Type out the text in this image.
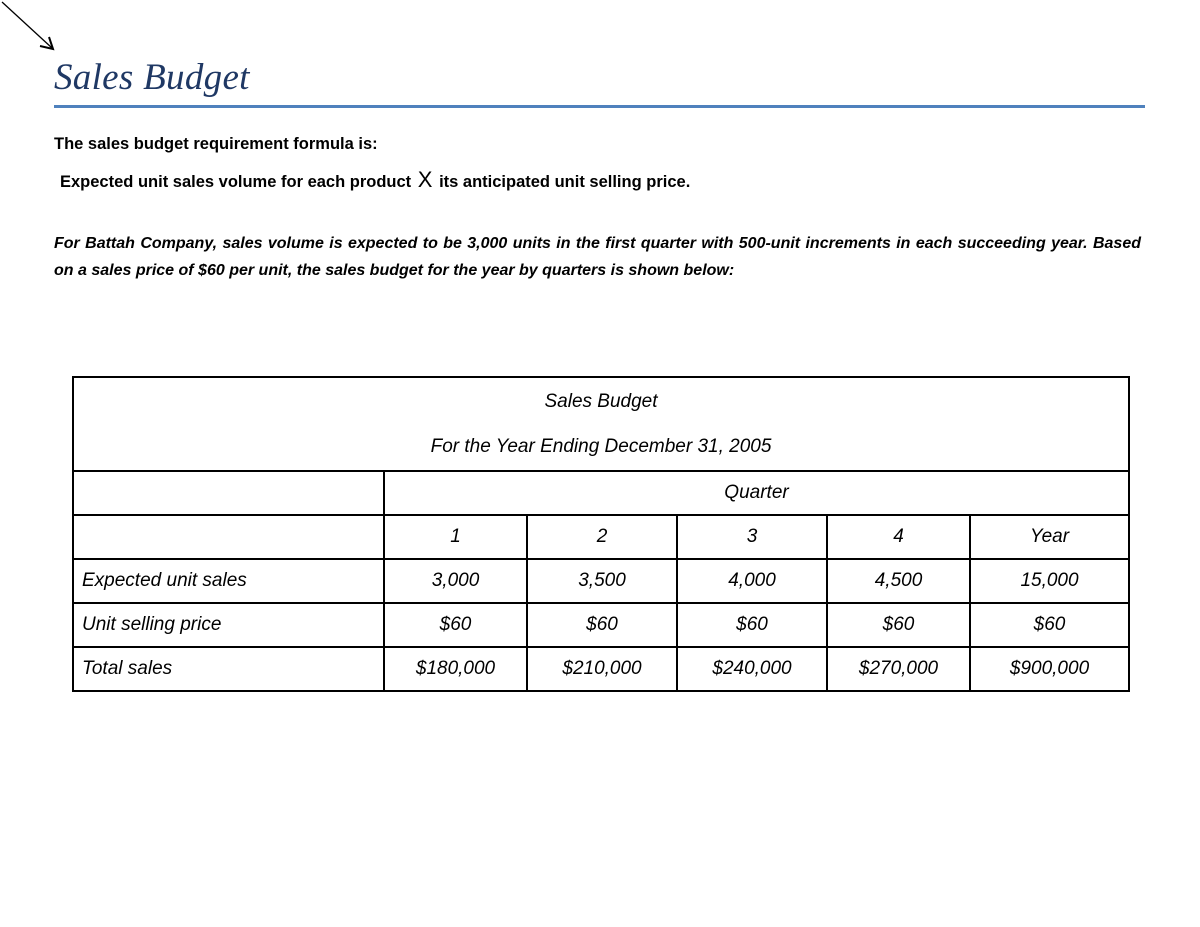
Sales Budget

The sales budget requirement formula is:

Expected unit sales volume for each product X its anticipated unit selling price.

For Battah Company, sales volume is expected to be 3,000 units in the first quarter with 500-unit increments in each succeeding year. Based on a sales price of $60 per unit, the sales budget for the year by quarters is shown below:

Sales Budget
For the Year Ending December 31, 2005					

	Quarter				
	1	2	3	4	Year
Expected unit sales	3,000	3,500	4,000	4,500	15,000
Unit selling price	$60	$60	$60	$60	$60
Total sales	$180,000	$210,000	$240,000	$270,000	$900,000
